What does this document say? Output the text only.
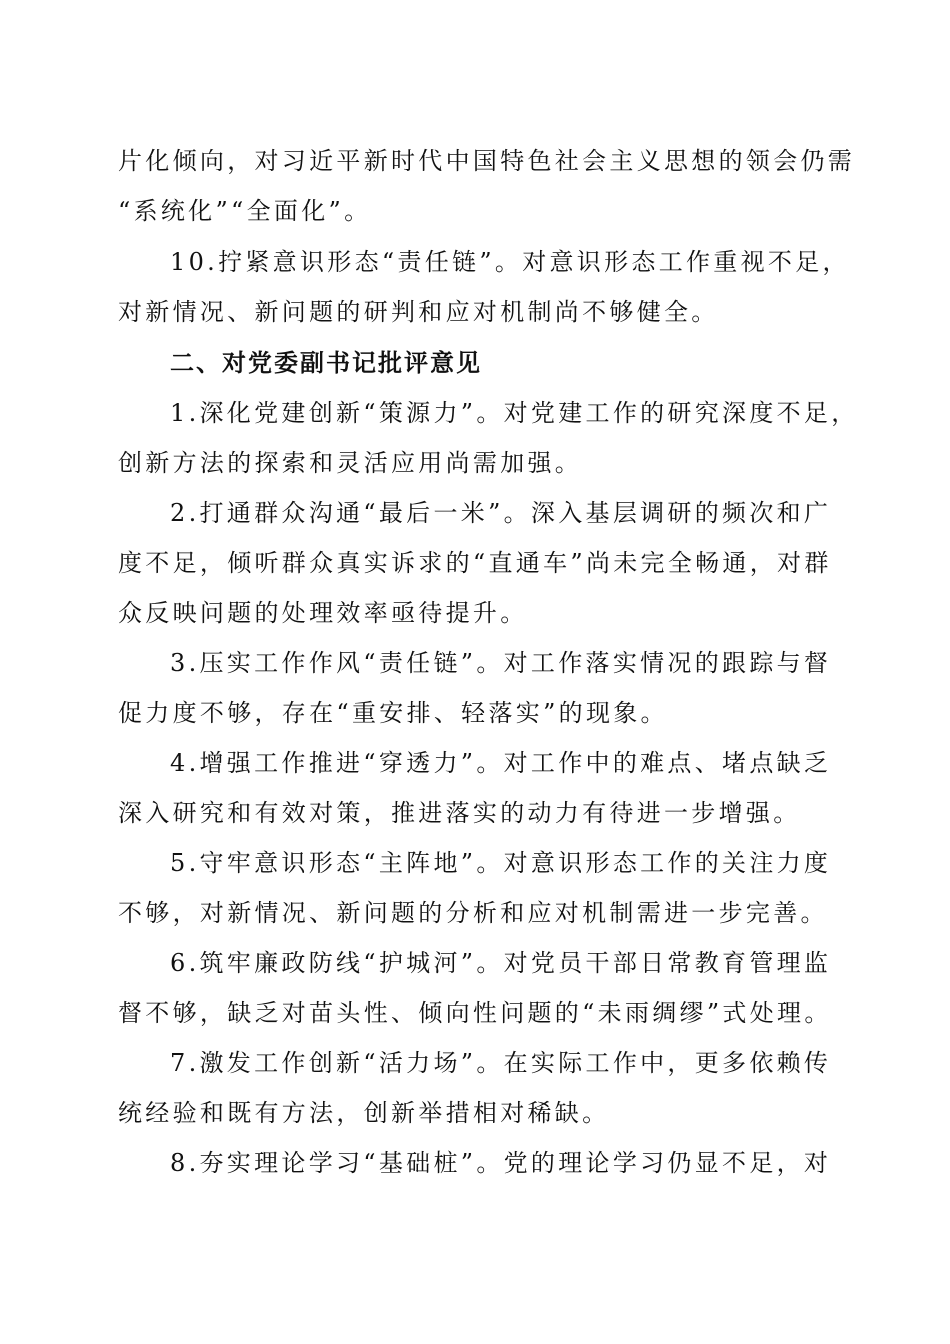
片化倾向，对习近平新时代中国特色社会主义思想的领会仍需
“系统化”“全面化”。
10.拧紧意识形态“责任链”。对意识形态工作重视不足，
对新情况、新问题的研判和应对机制尚不够健全。
二、对党委副书记批评意见
1.深化党建创新“策源力”。对党建工作的研究深度不足，
创新方法的探索和灵活应用尚需加强。
2.打通群众沟通“最后一米”。深入基层调研的频次和广
度不足，倾听群众真实诉求的“直通车”尚未完全畅通，对群
众反映问题的处理效率亟待提升。
3.压实工作作风“责任链”。对工作落实情况的跟踪与督
促力度不够，存在“重安排、轻落实”的现象。
4.增强工作推进“穿透力”。对工作中的难点、堵点缺乏
深入研究和有效对策，推进落实的动力有待进一步增强。
5.守牢意识形态“主阵地”。对意识形态工作的关注力度
不够，对新情况、新问题的分析和应对机制需进一步完善。
6.筑牢廉政防线“护城河”。对党员干部日常教育管理监
督不够，缺乏对苗头性、倾向性问题的“未雨绸缪”式处理。
7.激发工作创新“活力场”。在实际工作中，更多依赖传
统经验和既有方法，创新举措相对稀缺。
8.夯实理论学习“基础桩”。党的理论学习仍显不足，对
